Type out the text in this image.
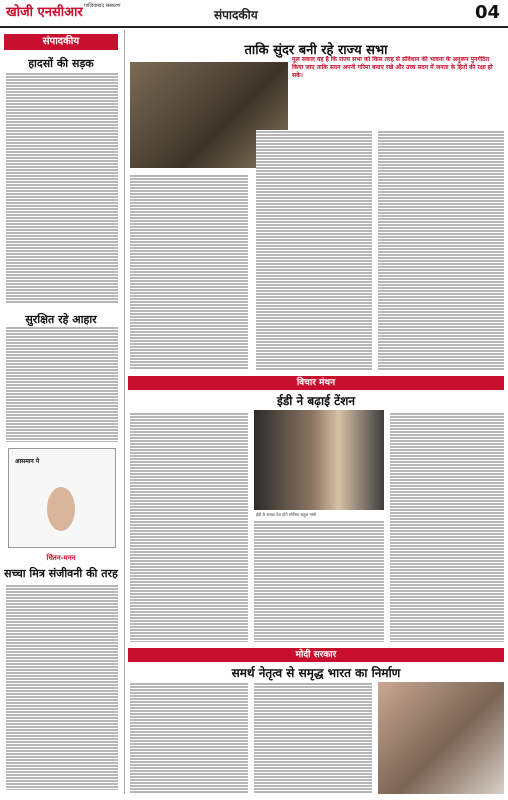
खोजी एनसीआर गाज़ियाबाद संस्करण
संपादकीय	04
संपादकीय
हादसों की सड़क
सुरक्षित रहे आहार
आसमान पे
चिंतन-मनन
सच्चा मित्र संजीवनी की तरह
ताकि सुंदर बनी रहे राज्य सभा
मूल सवाल यह है कि राज्य सभा को किस तरह से संविधान की भावना के अनुरूप पुनर्गठित किया जाए ताकि सदन अपनी गरिमा बनाए रखे और उच्च सदन में जनता के हितों की रक्षा हो सके।
विचार मंथन
ईडी ने बढ़ाई टेंशन
ईडी के समक्ष पेश होंगे सोनिया-राहुल गांधी
मोदी सरकार
समर्थ नेतृत्व से समृद्ध भारत का निर्माण
